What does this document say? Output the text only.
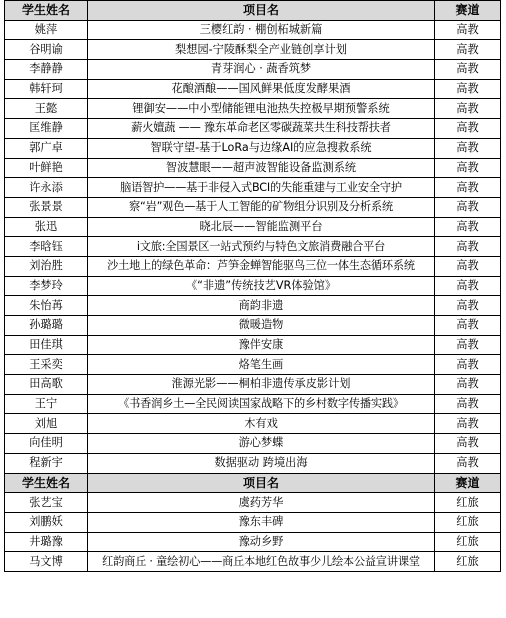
学生姓名	项目名	赛道
姚萍	三樱红韵 · 棚创柘城新篇	高教
谷明谕	梨想园-宁陵酥梨全产业链创享计划	高教
李静静	青芽润心 · 蔬香筑梦	高教
韩轩珂	花酿酒酿——国风鲜果低度发酵果酒	高教
王懿	锂御安——中小型储能锂电池热失控极早期预警系统	高教
匡维静	薪火嬗蔬 —— 豫东革命老区零碳蔬菜共生科技帮扶者	高教
郭广卓	智联守望-基于LoRa与边缘AI的应急搜救系统	高教
叶鲜艳	智波慧眼——超声波智能设备监测系统	高教
许永添	脑语智护——基于非侵入式BCI的失能重建与工业安全守护	高教
张景景	察“岩”观色—基于人工智能的矿物组分识别及分析系统	高教
张迅	晓北辰——智能监测平台	高教
李晗钰	i文旅:全国景区一站式预约与特色文旅消费融合平台	高教
刘治胜	沙土地上的绿色革命：芦笋金蝉智能驱鸟三位一体生态循环系统	高教
李梦玲	《“非遗”传统技艺VR体验馆》	高教
朱怡苒	商韵非遗	高教
孙璐璐	微暖造物	高教
田佳琪	豫伴安康	高教
王采奕	烙笔生画	高教
田高歌	淮源光影——桐柏非遗传承皮影计划	高教
王宁	《书香润乡土—全民阅读国家战略下的乡村数字传播实践》	高教
刘旭	木有戏	高教
向佳明	游心梦蝶	高教
程新宇	数据驱动 跨境出海	高教
学生姓名	项目名	赛道
张艺宝	虞药芳华	红旅
刘鹏妖	豫东丰碑	红旅
井璐豫	豫动乡野	红旅
马文博	红韵商丘 · 童绘初心——商丘本地红色故事少儿绘本公益宣讲课堂	红旅
